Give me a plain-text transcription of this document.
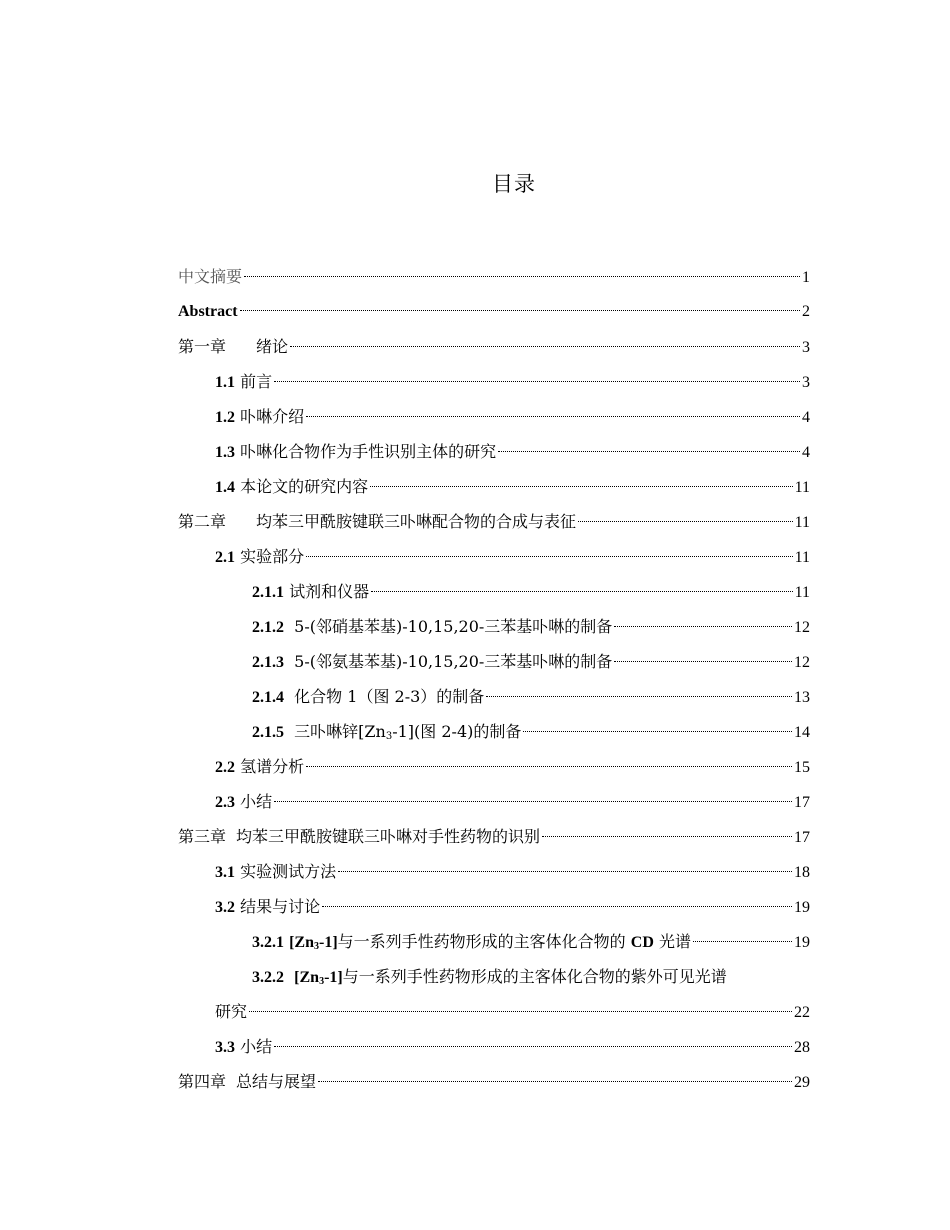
目录
中文摘要	1
Abstract	2
第一章 绪论	3
1.1 前言	3
1.2 卟啉介绍	4
1.3 卟啉化合物作为手性识别主体的研究	4
1.4 本论文的研究内容	11
第二章 均苯三甲酰胺键联三卟啉配合物的合成与表征	11
2.1 实验部分	11
2.1.1 试剂和仪器	11
2.1.2 5-(邻硝基苯基)-10,15,20-三苯基卟啉的制备	12
2.1.3 5-(邻氨基苯基)-10,15,20-三苯基卟啉的制备	12
2.1.4 化合物 1（图 2-3）的制备	13
2.1.5 三卟啉锌$[Zn_3-1]$(图 2-4)的制备	14
2.2 氢谱分析	15
2.3 小结	17
第三章 均苯三甲酰胺键联三卟啉对手性药物的识别	17
3.1 实验测试方法	18
3.2 结果与讨论	19
3.2.1 $[Zn_3-1]$与一系列手性药物形成的主客体化合物的 CD 光谱	19
3.2.2 $[Zn_3-1]$与一系列手性药物形成的主客体化合物的紫外可见光谱
研究	22
3.3 小结	28
第四章 总结与展望	29
